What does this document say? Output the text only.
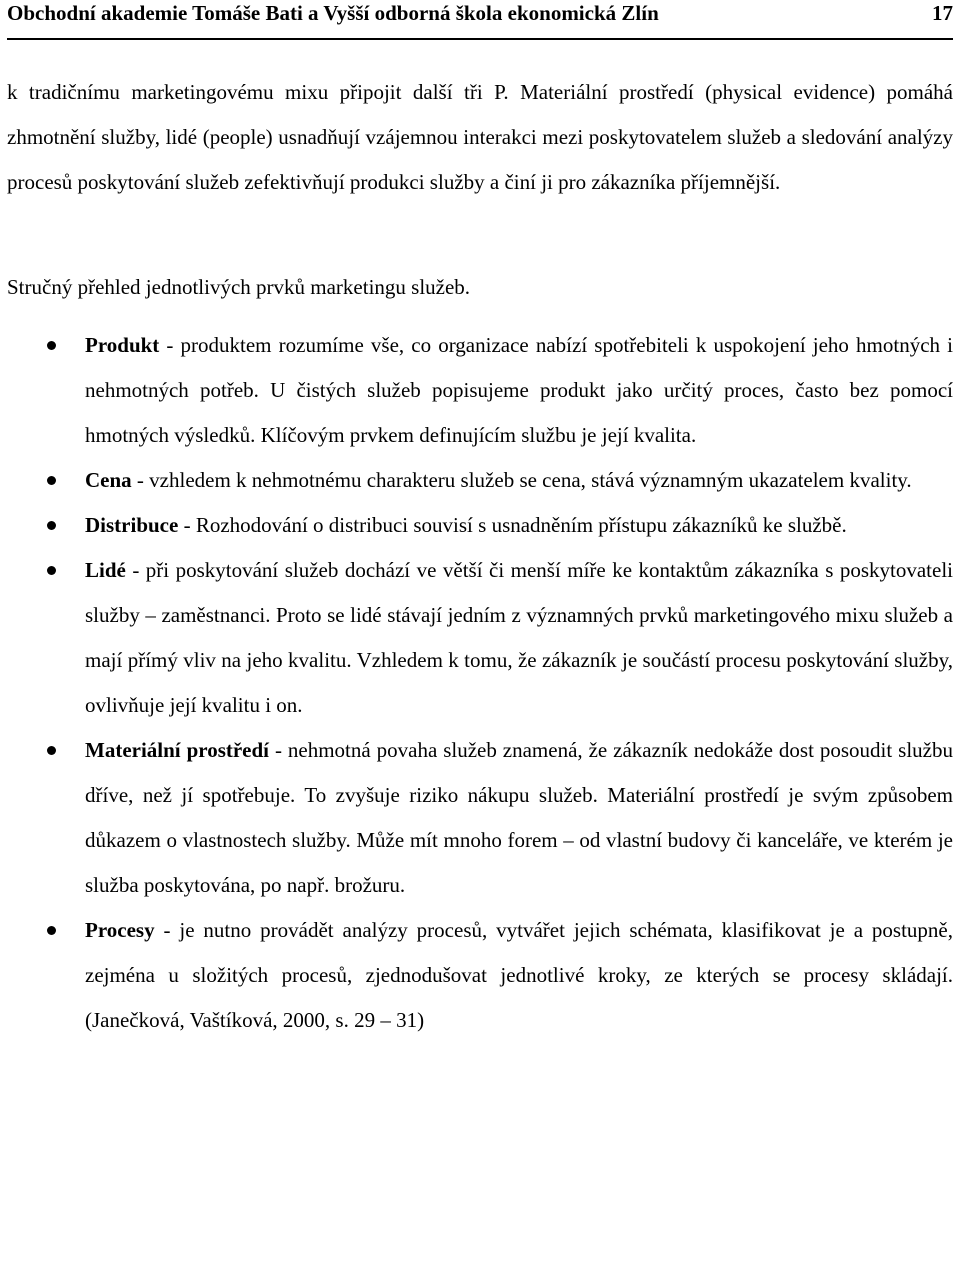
Obchodní akademie Tomáše Bati a Vyšší odborná škola ekonomická Zlín	17

k tradičnímu marketingovému mixu připojit další tři P. Materiální prostředí (physical evidence) pomáhá zhmotnění služby, lidé (people) usnadňují vzájemnou interakci mezi poskytovatelem služeb a sledování analýzy procesů poskytování služeb zefektivňují produkci služby a činí ji pro zákazníka příjemnější.

Stručný přehled jednotlivých prvků marketingu služeb.

Produkt - produktem rozumíme vše, co organizace nabízí spotřebiteli k uspokojení jeho hmotných i nehmotných potřeb. U čistých služeb popisujeme produkt jako určitý proces, často bez pomocí hmotných výsledků. Klíčovým prvkem definujícím službu je její kvalita.
Cena - vzhledem k nehmotnému charakteru služeb se cena, stává významným ukazatelem kvality.
Distribuce - Rozhodování o distribuci souvisí s usnadněním přístupu zákazníků ke službě.
Lidé - při poskytování služeb dochází ve větší či menší míře ke kontaktům zákazníka s poskytovateli služby – zaměstnanci. Proto se lidé stávají jedním z významných prvků marketingového mixu služeb a mají přímý vliv na jeho kvalitu. Vzhledem k tomu, že zákazník je součástí procesu poskytování služby, ovlivňuje její kvalitu i on.
Materiální prostředí - nehmotná povaha služeb znamená, že zákazník nedokáže dost posoudit službu dříve, než jí spotřebuje. To zvyšuje riziko nákupu služeb. Materiální prostředí je svým způsobem důkazem o vlastnostech služby. Může mít mnoho forem – od vlastní budovy či kanceláře, ve kterém je služba poskytována, po např. brožuru.
Procesy - je nutno provádět analýzy procesů, vytvářet jejich schémata, klasifikovat je a postupně, zejména u složitých procesů, zjednodušovat jednotlivé kroky, ze kterých se procesy skládají. (Janečková, Vaštíková, 2000, s. 29 – 31)
